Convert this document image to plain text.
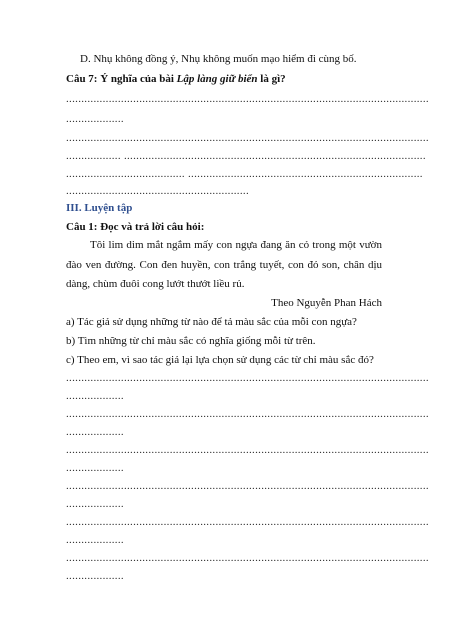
D. Nhụ không đồng ý, Nhụ không muốn mạo hiểm đi cùng bố.
Câu 7: Ý nghĩa của bài Lập làng giữ biển là gì?
.......................................................................................................................
...................
.......................................................................................................................
.................. ...................................................................................................
....................................... .............................................................................
............................................................
III. Luyện tập
Câu 1: Đọc và trả lời câu hỏi:
Tôi lim dim mắt ngắm mấy con ngựa đang ăn cỏ trong một vườn
đào ven đường. Con đen huyền, con trắng tuyết, con đỏ son, chân dịu
dàng, chùm đuôi cong lướt thướt liều rủ.
Theo Nguyễn Phan Hách
a) Tác giả sử dụng những từ nào để tả màu sắc của mỗi con ngựa?
b) Tìm những từ chỉ màu sắc có nghĩa giống mỗi từ trên.
c) Theo em, vì sao tác giả lại lựa chọn sử dụng các từ chỉ màu sắc đó?
.......................................................................................................................
...................
.......................................................................................................................
...................
.......................................................................................................................
...................
.......................................................................................................................
...................
.......................................................................................................................
...................
.......................................................................................................................
...................
